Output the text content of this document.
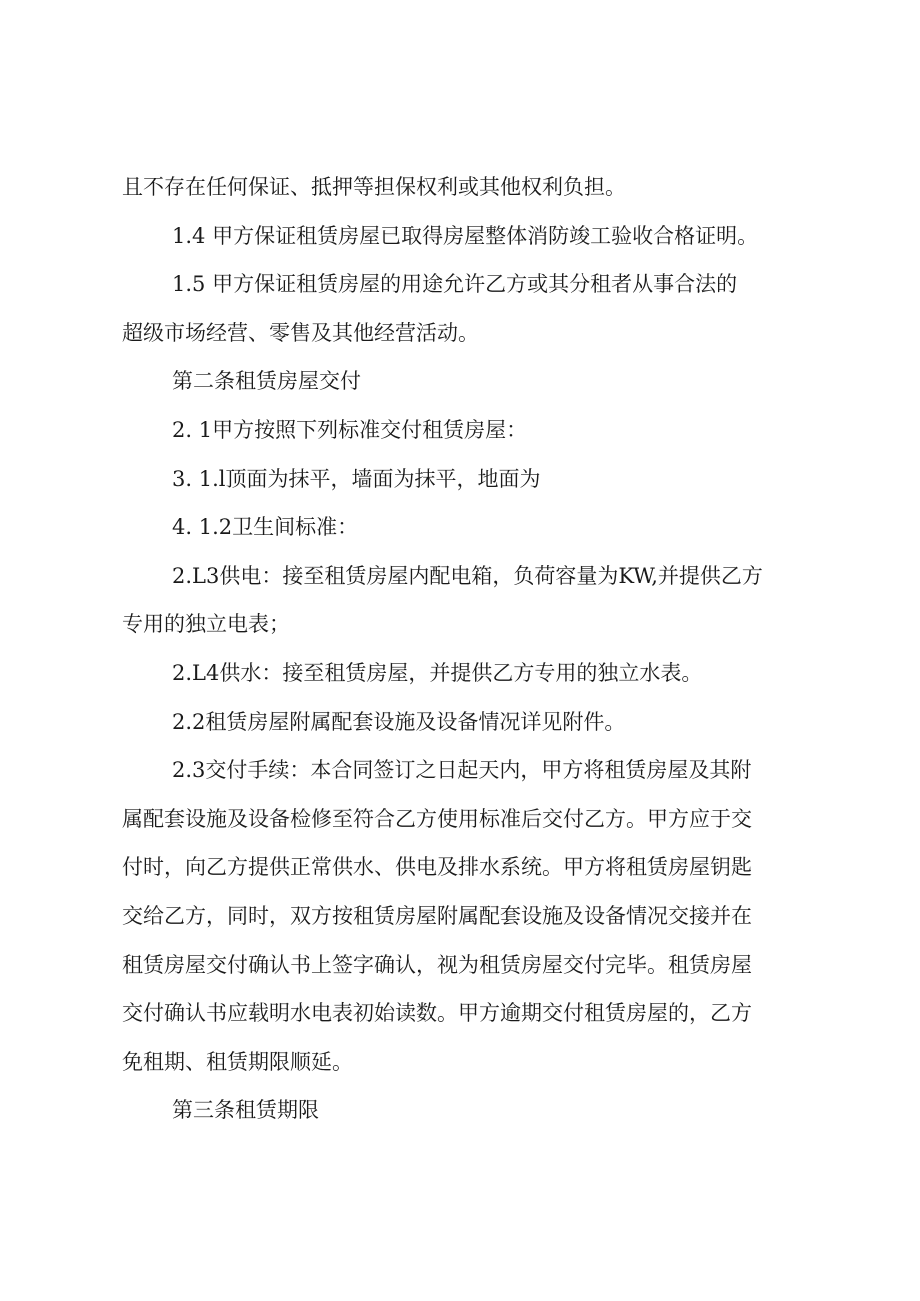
且不存在任何保证、抵押等担保权利或其他权利负担。

1.4 甲方保证租赁房屋已取得房屋整体消防竣工验收合格证明。

1.5 甲方保证租赁房屋的用途允许乙方或其分租者从事合法的

超级市场经营、零售及其他经营活动。

第二条租赁房屋交付

2. 1甲方按照下列标准交付租赁房屋：

3. 1.l顶面为抹平，墙面为抹平，地面为

4. 1.2卫生间标准：

2.L3供电：接至租赁房屋内配电箱，负荷容量为KW,并提供乙方

专用的独立电表；

2.L4供水：接至租赁房屋，并提供乙方专用的独立水表。

2.2租赁房屋附属配套设施及设备情况详见附件。

2.3交付手续：本合同签订之日起天内，甲方将租赁房屋及其附

属配套设施及设备检修至符合乙方使用标准后交付乙方。甲方应于交

付时，向乙方提供正常供水、供电及排水系统。甲方将租赁房屋钥匙

交给乙方，同时，双方按租赁房屋附属配套设施及设备情况交接并在

租赁房屋交付确认书上签字确认，视为租赁房屋交付完毕。租赁房屋

交付确认书应载明水电表初始读数。甲方逾期交付租赁房屋的，乙方

免租期、租赁期限顺延。

第三条租赁期限
